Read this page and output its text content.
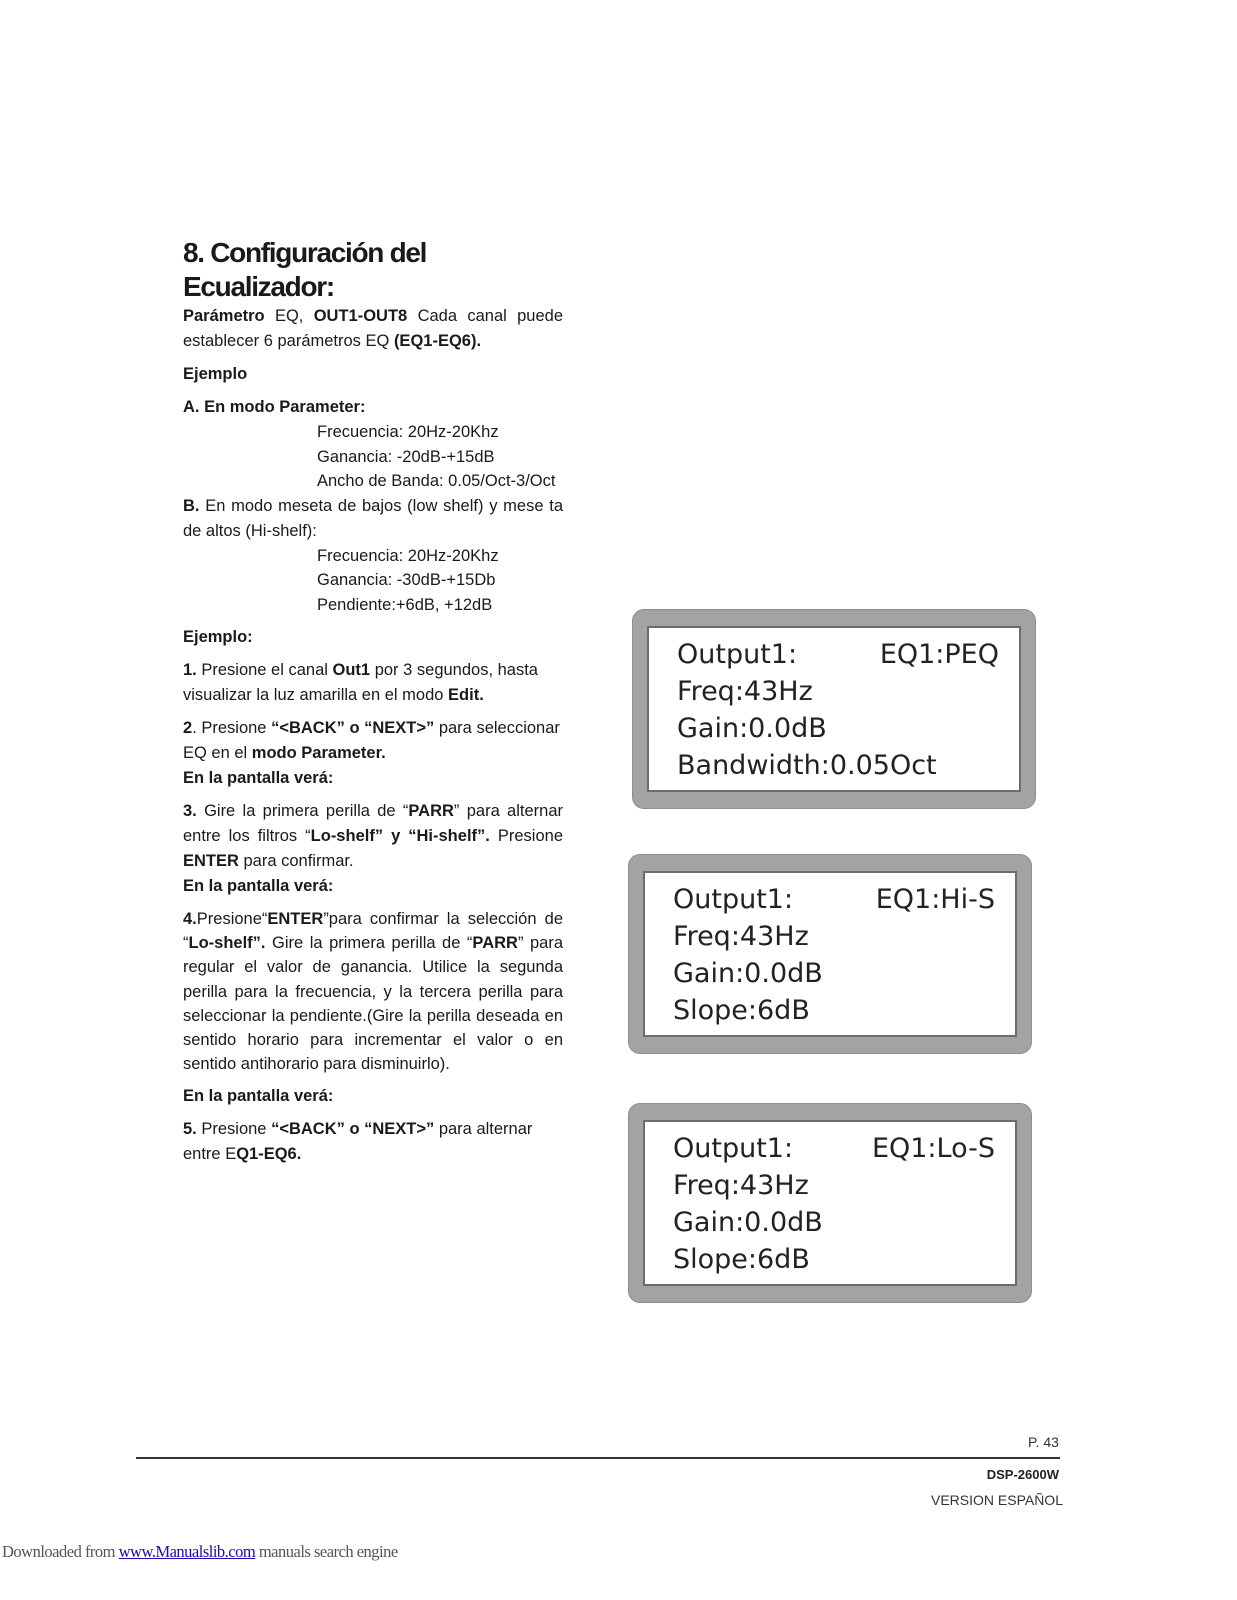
8. Configuración del Ecualizador:

Parámetro EQ, OUT1-OUT8 Cada canal puede establecer 6 parámetros EQ (EQ1-EQ6).

Ejemplo

A. En modo Parameter:

Frecuencia: 20Hz-20Khz

Ganancia: -20dB-+15dB

Ancho de Banda: 0.05/Oct-3/Oct

B. En modo meseta de bajos (low shelf) y mese ta de altos (Hi-shelf):

Frecuencia: 20Hz-20Khz

Ganancia: -30dB-+15Db

Pendiente:+6dB, +12dB

Ejemplo:

1. Presione el canal Out1 por 3 segundos, hasta visualizar la luz amarilla en el modo Edit.

2. Presione “<BACK” o “NEXT>” para seleccionar EQ en el modo Parameter.

En la pantalla verá:

3. Gire la primera perilla de “PARR” para alternar entre los filtros “Lo-shelf” y “Hi-shelf”. Presione ENTER para confirmar.

En la pantalla verá:

4.Presione“ENTER”para confirmar la selección de “Lo-shelf”. Gire la primera perilla de “PARR” para regular el valor de ganancia. Utilice la segunda perilla para la frecuencia, y la tercera perilla para seleccionar la pendiente.(Gire la perilla deseada en sentido horario para incrementar el valor o en sentido antihorario para disminuirlo).

En la pantalla verá:

5. Presione “<BACK” o “NEXT>” para alternar entre EQ1-EQ6.

Output1:	EQ1:PEQ
Freq:43Hz
Gain:0.0dB
Bandwidth:0.05Oct
Output1:	EQ1:Hi-S
Freq:43Hz
Gain:0.0dB
Slope:6dB
Output1:	EQ1:Lo-S
Freq:43Hz
Gain:0.0dB
Slope:6dB
P. 43
DSP-2600W
VERSION ESPAÑOL
Downloaded from www.Manualslib.com manuals search engine
